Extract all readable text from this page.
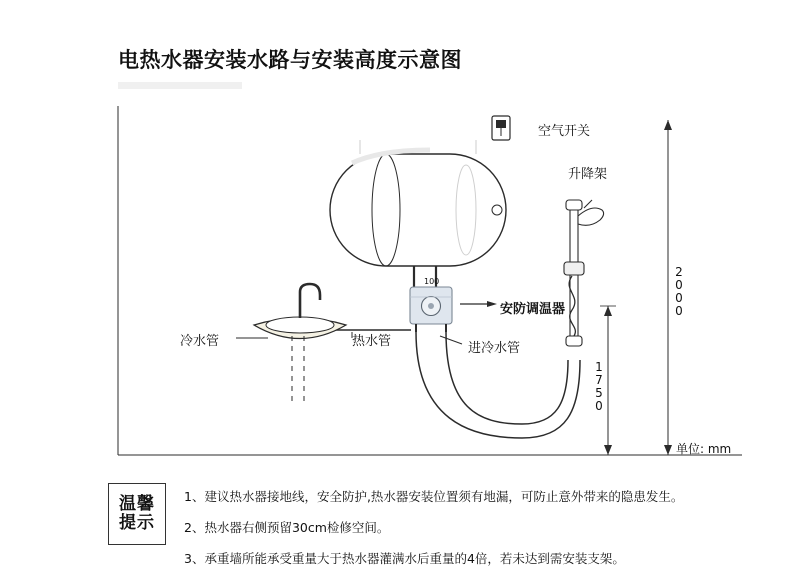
电热水器安装水路与安装高度示意图
空气开关
升降架
安防调温器
冷水管	热水管	进冷水管
100	2000
1750
单位: mm
温馨
提示
1、建议热水器接地线，安全防护,热水器安装位置须有地漏，可防止意外带来的隐患发生。
2、热水器右侧预留30cm检修空间。
3、承重墙所能承受重量大于热水器灌满水后重量的4倍，若未达到需安装支架。
